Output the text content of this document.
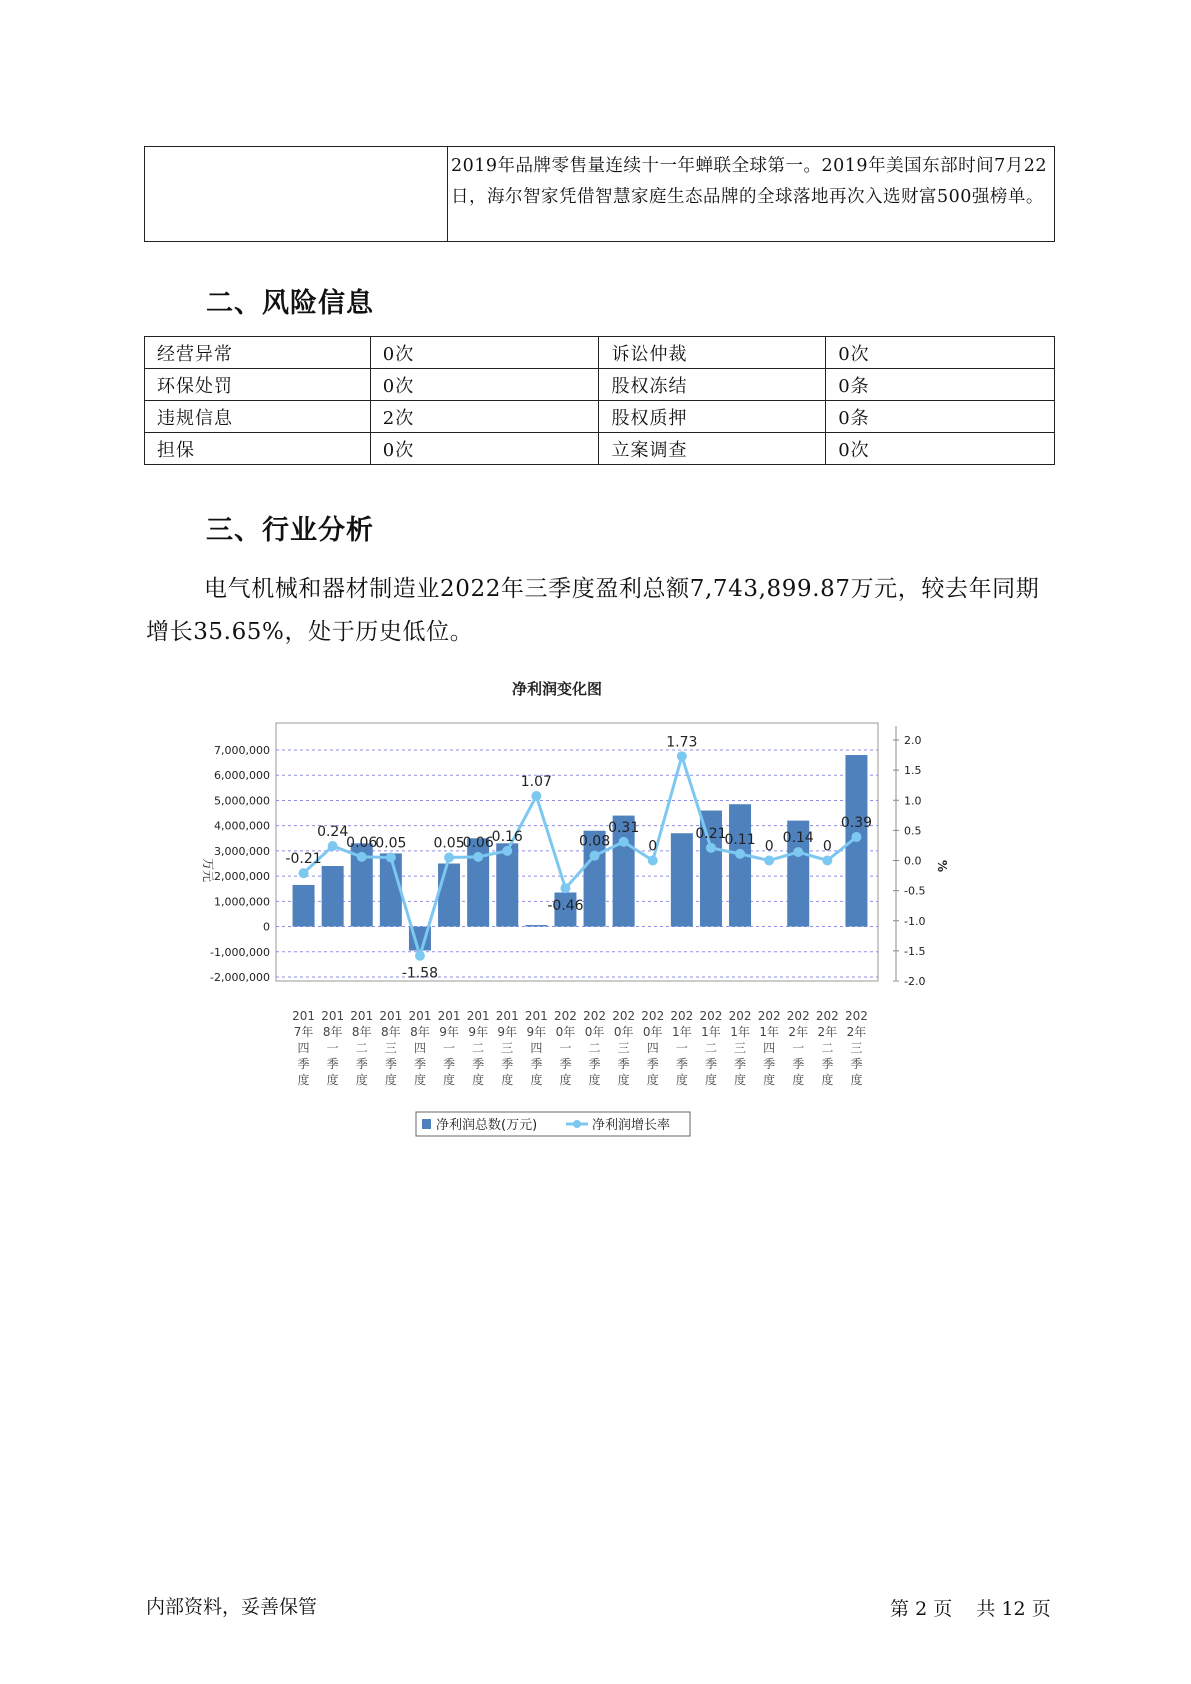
2019年品牌零售量连续十一年蝉联全球第一。2019年美国东部时间7月22日，海尔智家凭借智慧家庭生态品牌的全球落地再次入选财富500强榜单。
二、风险信息
经营异常	0次	诉讼仲裁	0次
环保处罚	0次	股权冻结	0条
违规信息	2次	股权质押	0条
担保	0次	立案调查	0次
三、行业分析
电气机械和器材制造业2022年三季度盈利总额7,743,899.87万元，较去年同期增长35.65%，处于历史低位。
净利润变化图
7,000,000
6,000,000
5,000,000
4,000,000
3,000,000
2,000,000
1,000,000
0
-1,000,000
-2,000,000
2.0
1.5
1.0
0.5
0.0
-0.5
-1.0
-1.5
-2.0
万元	%
-0.21
0.24
0.06
0.05
-1.58
0.05
0.06
0.16
1.07
-0.46
0.08
0.31
0
1.73
0.21
0.11 0
0.14
0
0.39
201 7年四季度
201 8年一季度
201 8年二季度
201 8年三季度
201 8年四季度
201 9年一季度
201 9年二季度
201 9年三季度
201 9年四季度
202 0年一季度
202 0年二季度
202 0年三季度
202 0年四季度
202 1年一季度
202 1年二季度
202 1年三季度
202 1年四季度
202 2年一季度
202 2年二季度
202 2年三季度
净利润总数(万元)	净利润增长率
内部资料，妥善保管	第 2 页 共 12 页
